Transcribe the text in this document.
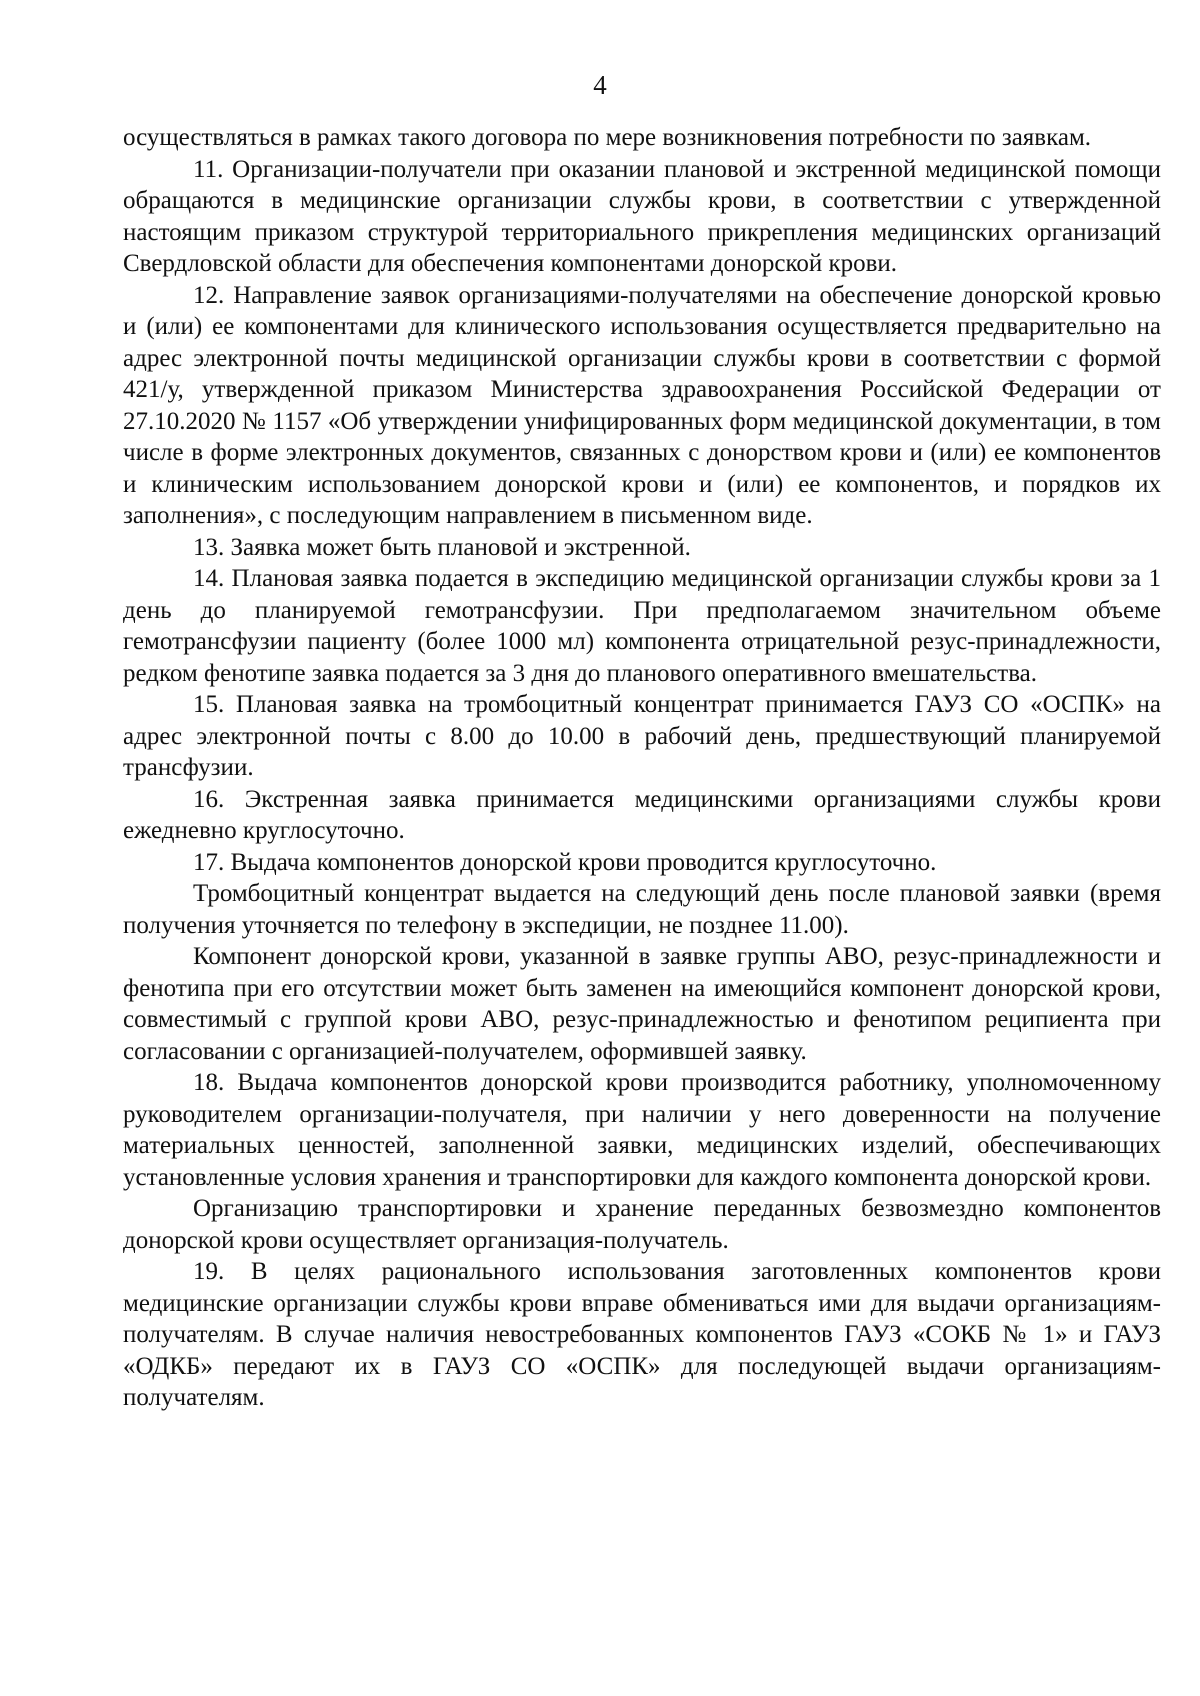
4

осуществляться в рамках такого договора по мере возникновения потребности по заявкам.

11. Организации-получатели при оказании плановой и экстренной медицинской помощи обращаются в медицинские организации службы крови, в соответствии с утвержденной настоящим приказом структурой территориального прикрепления медицинских организаций Свердловской области для обеспечения компонентами донорской крови.

12. Направление заявок организациями-получателями на обеспечение донорской кровью и (или) ее компонентами для клинического использования осуществляется предварительно на адрес электронной почты медицинской организации службы крови в соответствии с формой 421/у, утвержденной приказом Министерства здравоохранения Российской Федерации от 27.10.2020 № 1157 «Об утверждении унифицированных форм медицинской документации, в том числе в форме электронных документов, связанных с донорством крови и (или) ее компонентов и клиническим использованием донорской крови и (или) ее компонентов, и порядков их заполнения», с последующим направлением в письменном виде.

13. Заявка может быть плановой и экстренной.

14. Плановая заявка подается в экспедицию медицинской организации службы крови за 1 день до планируемой гемотрансфузии. При предполагаемом значительном объеме гемотрансфузии пациенту (более 1000 мл) компонента отрицательной резус-принадлежности, редком фенотипе заявка подается за 3 дня до планового оперативного вмешательства.

15. Плановая заявка на тромбоцитный концентрат принимается ГАУЗ СО «ОСПК» на адрес электронной почты с 8.00 до 10.00 в рабочий день, предшествующий планируемой трансфузии.

16. Экстренная заявка принимается медицинскими организациями службы крови ежедневно круглосуточно.

17. Выдача компонентов донорской крови проводится круглосуточно.

Тромбоцитный концентрат выдается на следующий день после плановой заявки (время получения уточняется по телефону в экспедиции, не позднее 11.00).

Компонент донорской крови, указанной в заявке группы АВО, резус-принадлежности и фенотипа при его отсутствии может быть заменен на имеющийся компонент донорской крови, совместимый с группой крови АВО, резус-принадлежностью и фенотипом реципиента при согласовании с организацией-получателем, оформившей заявку.

18. Выдача компонентов донорской крови производится работнику, уполномоченному руководителем организации-получателя, при наличии у него доверенности на получение материальных ценностей, заполненной заявки, медицинских изделий, обеспечивающих установленные условия хранения и транспортировки для каждого компонента донорской крови.

Организацию транспортировки и хранение переданных безвозмездно компонентов донорской крови осуществляет организация-получатель.

19. В целях рационального использования заготовленных компонентов крови медицинские организации службы крови вправе обмениваться ими для выдачи организациям-получателям. В случае наличия невостребованных компонентов ГАУЗ «СОКБ № 1» и ГАУЗ «ОДКБ» передают их в ГАУЗ СО «ОСПК» для последующей выдачи организациям-получателям.
